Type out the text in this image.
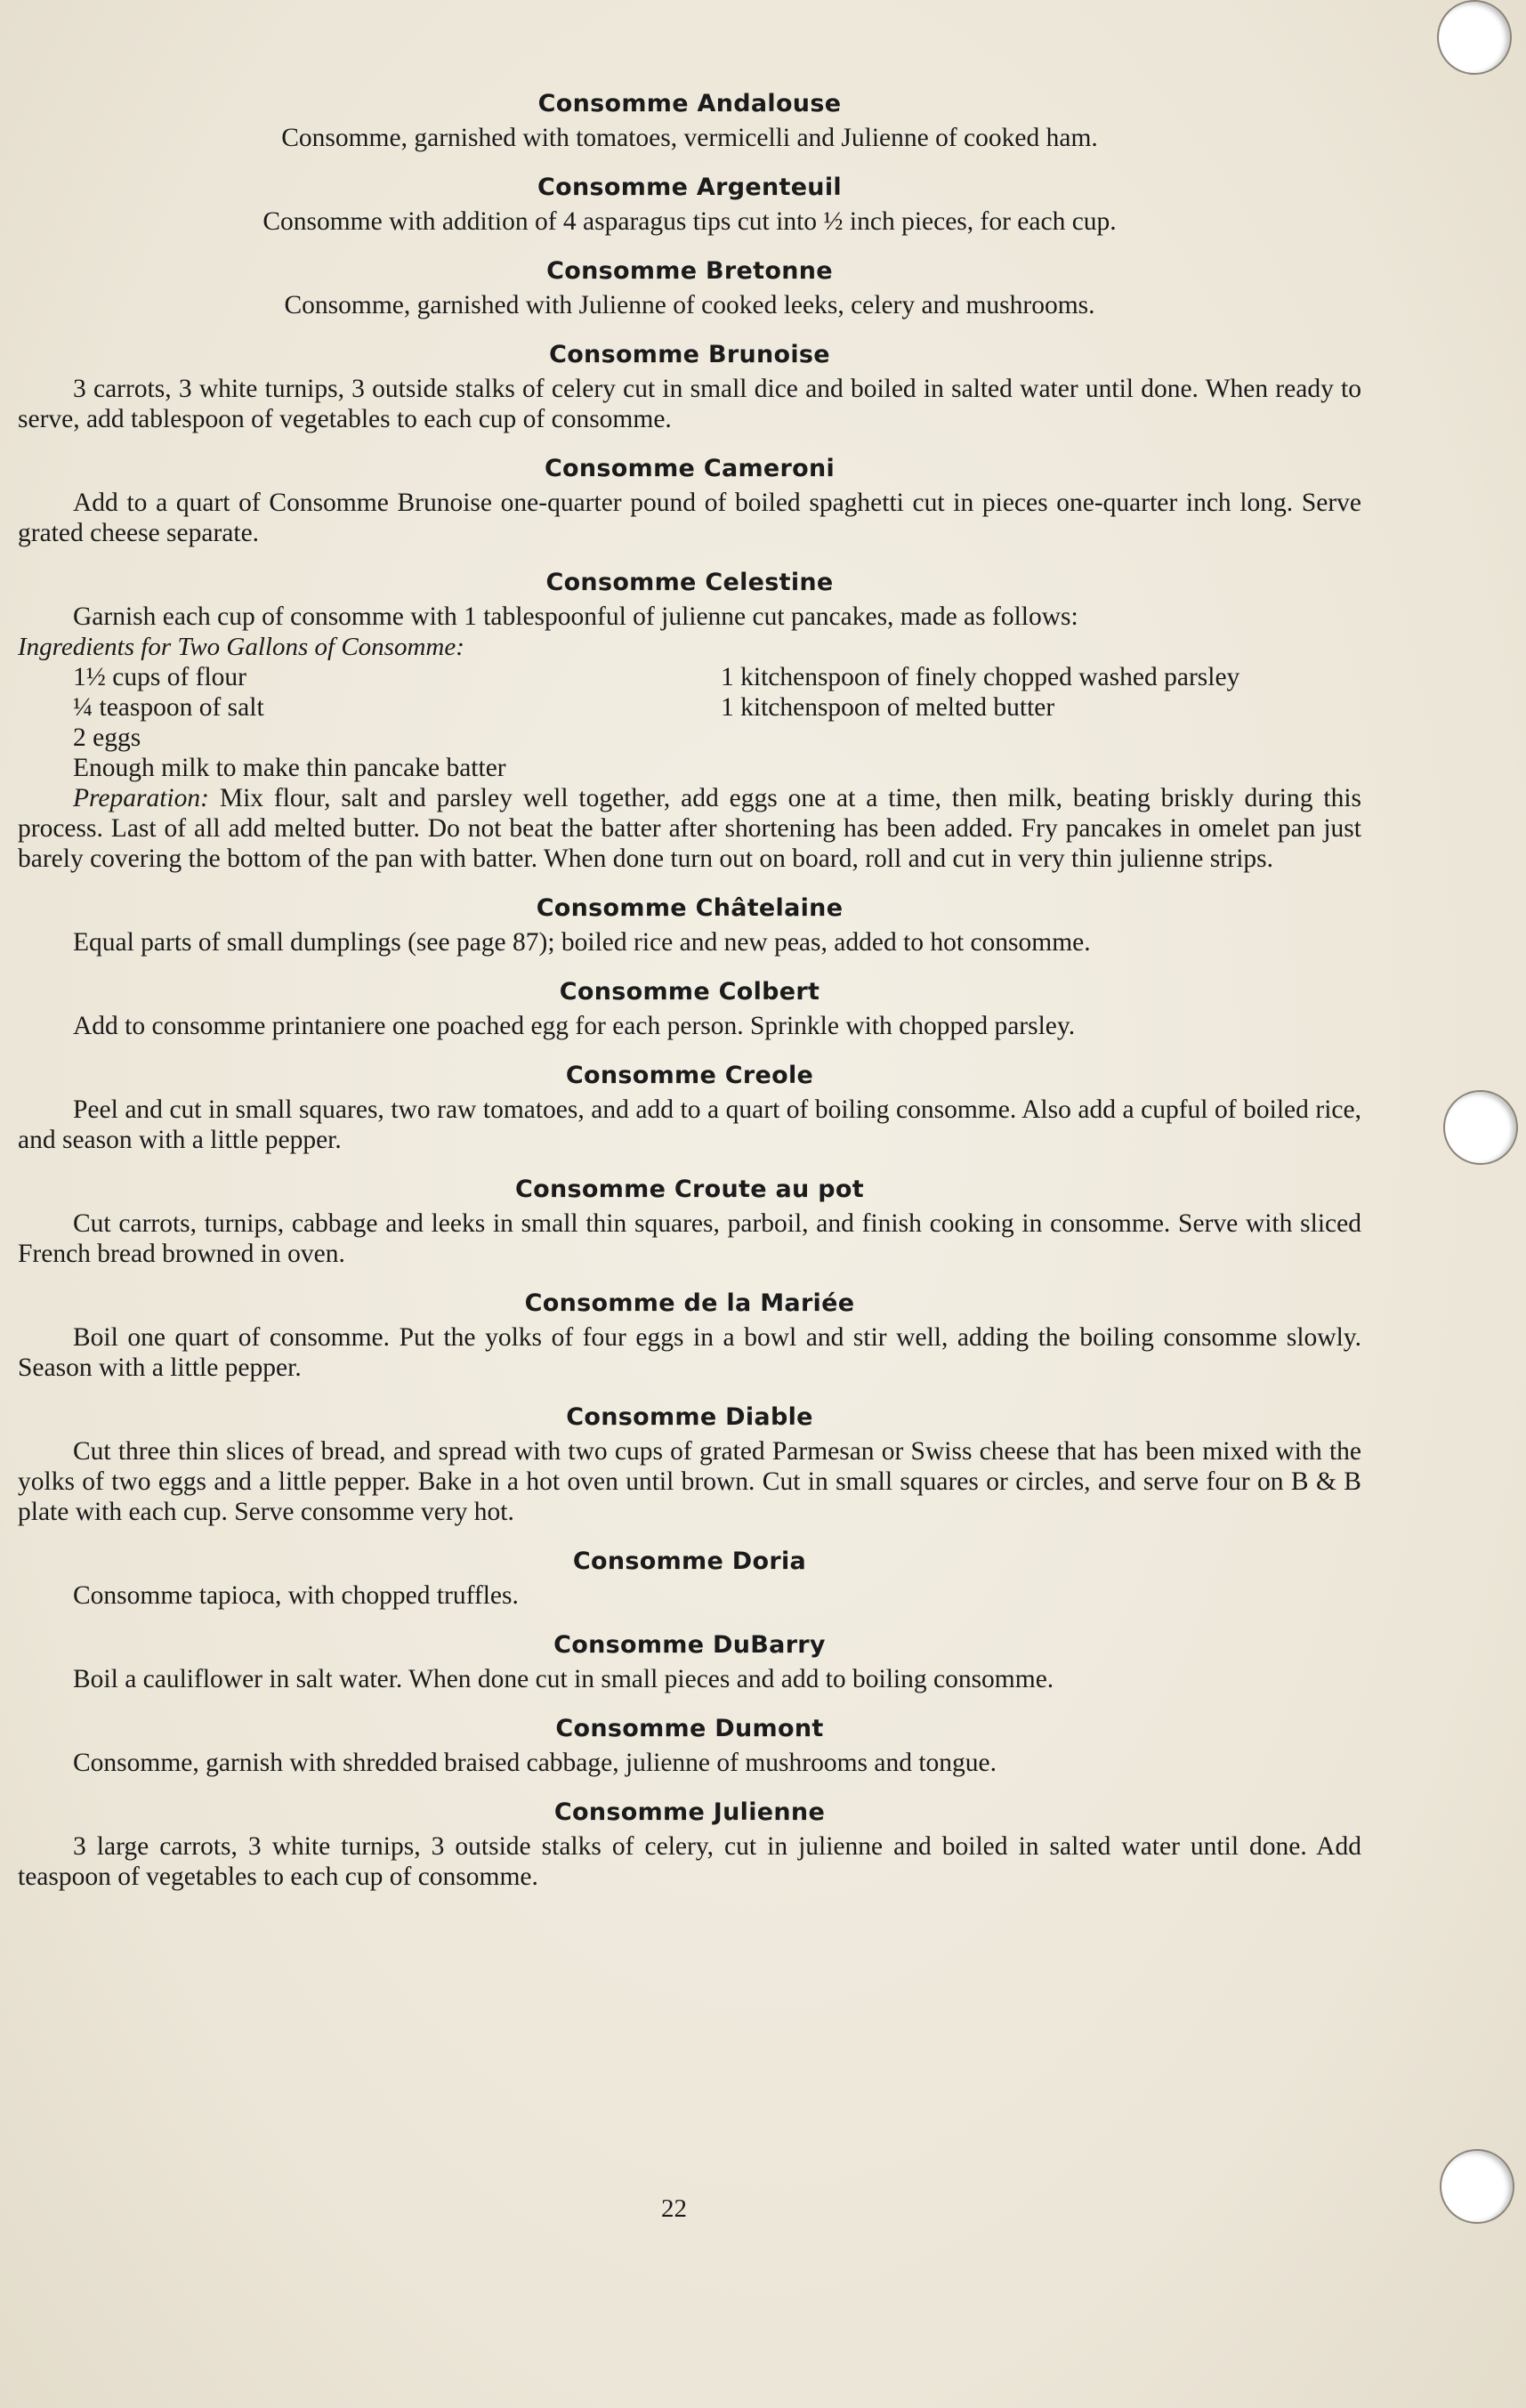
Consomme Andalouse

Consomme, garnished with tomatoes, vermicelli and Julienne of cooked ham.

Consomme Argenteuil

Consomme with addition of 4 asparagus tips cut into ½ inch pieces, for each cup.

Consomme Bretonne

Consomme, garnished with Julienne of cooked leeks, celery and mushrooms.

Consomme Brunoise

3 carrots, 3 white turnips, 3 outside stalks of celery cut in small dice and boiled in salted water until done. When ready to serve, add tablespoon of vegetables to each cup of consomme.

Consomme Cameroni

Add to a quart of Consomme Brunoise one-quarter pound of boiled spaghetti cut in pieces one-quarter inch long. Serve grated cheese separate.

Consomme Celestine

Garnish each cup of consomme with 1 tablespoonful of julienne cut pancakes, made as follows:

Ingredients for Two Gallons of Consomme:

1½ cups of flour

¼ teaspoon of salt

2 eggs

1 kitchenspoon of finely chopped washed parsley

1 kitchenspoon of melted butter

Enough milk to make thin pancake batter

Preparation: Mix flour, salt and parsley well together, add eggs one at a time, then milk, beating briskly during this process. Last of all add melted butter. Do not beat the batter after shortening has been added. Fry pancakes in omelet pan just barely covering the bottom of the pan with batter. When done turn out on board, roll and cut in very thin julienne strips.

Consomme Châtelaine

Equal parts of small dumplings (see page 87); boiled rice and new peas, added to hot consomme.

Consomme Colbert

Add to consomme printaniere one poached egg for each person. Sprinkle with chopped parsley.

Consomme Creole

Peel and cut in small squares, two raw tomatoes, and add to a quart of boiling consomme. Also add a cupful of boiled rice, and season with a little pepper.

Consomme Croute au pot

Cut carrots, turnips, cabbage and leeks in small thin squares, parboil, and finish cooking in consomme. Serve with sliced French bread browned in oven.

Consomme de la Mariée

Boil one quart of consomme. Put the yolks of four eggs in a bowl and stir well, adding the boiling consomme slowly. Season with a little pepper.

Consomme Diable

Cut three thin slices of bread, and spread with two cups of grated Parmesan or Swiss cheese that has been mixed with the yolks of two eggs and a little pepper. Bake in a hot oven until brown. Cut in small squares or circles, and serve four on B & B plate with each cup. Serve consomme very hot.

Consomme Doria

Consomme tapioca, with chopped truffles.

Consomme DuBarry

Boil a cauliflower in salt water. When done cut in small pieces and add to boiling consomme.

Consomme Dumont

Consomme, garnish with shredded braised cabbage, julienne of mushrooms and tongue.

Consomme Julienne

3 large carrots, 3 white turnips, 3 outside stalks of celery, cut in julienne and boiled in salted water until done. Add teaspoon of vegetables to each cup of consomme.

22
